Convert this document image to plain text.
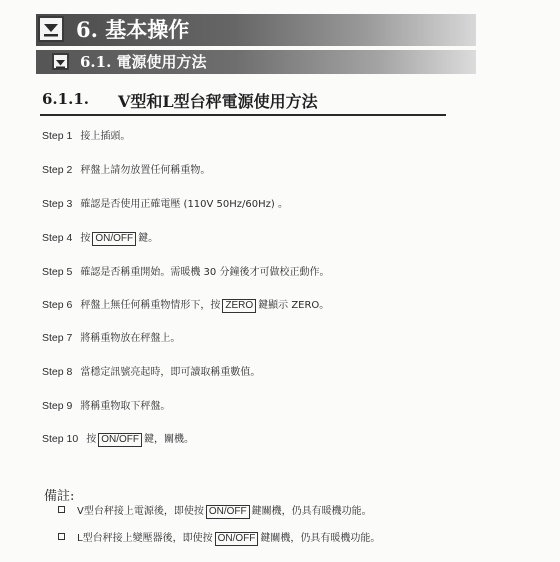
6. 基本操作
6.1. 電源使用方法
6.1.1. V型和L型台秤電源使用方法
Step 1 接上插頭。
Step 2 秤盤上請勿放置任何稱重物。
Step 3 確認是否使用正確電壓 (110V 50Hz/60Hz) 。
Step 4 按 ON/OFF 鍵。
Step 5 確認是否稱重開始。需暖機 30 分鐘後才可做校正動作。
Step 6 秤盤上無任何稱重物情形下，按 ZERO 鍵顯示 ZERO。
Step 7 將稱重物放在秤盤上。
Step 8 當穩定訊號亮起時，即可讀取稱重數值。
Step 9 將稱重物取下秤盤。
Step 10 按 ON/OFF 鍵，關機。
備註:
V型台秤接上電源後，即使按 ON/OFF 鍵關機，仍具有暖機功能。
L型台秤接上變壓器後，即使按 ON/OFF 鍵關機，仍具有暖機功能。
